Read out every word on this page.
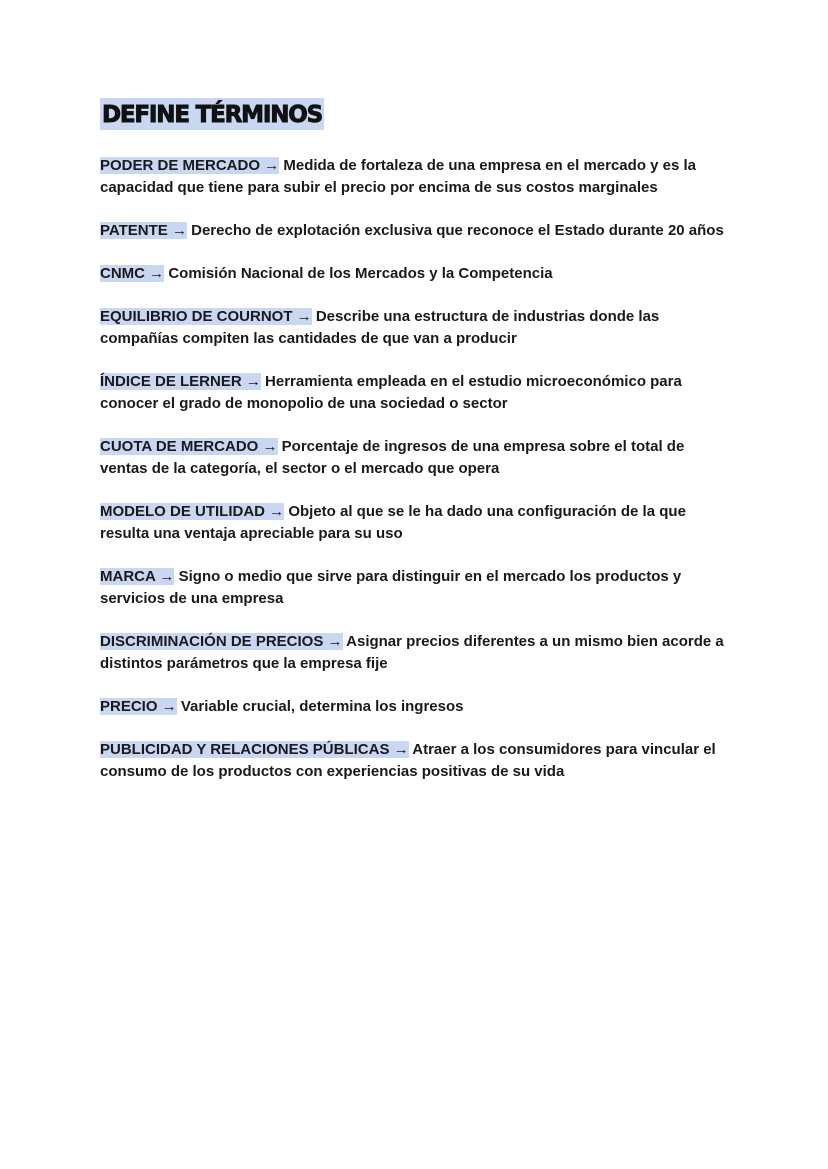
DEFINE TÉRMINOS
PODER DE MERCADO → Medida de fortaleza de una empresa en el mercado y es la capacidad que tiene para subir el precio por encima de sus costos marginales
PATENTE → Derecho de explotación exclusiva que reconoce el Estado durante 20 años
CNMC → Comisión Nacional de los Mercados y la Competencia
EQUILIBRIO DE COURNOT → Describe una estructura de industrias donde las compañías compiten las cantidades de que van a producir
ÍNDICE DE LERNER → Herramienta empleada en el estudio microeconómico para conocer el grado de monopolio de una sociedad o sector
CUOTA DE MERCADO → Porcentaje de ingresos de una empresa sobre el total de ventas de la categoría, el sector o el mercado que opera
MODELO DE UTILIDAD → Objeto al que se le ha dado una configuración de la que resulta una ventaja apreciable para su uso
MARCA → Signo o medio que sirve para distinguir en el mercado los productos y servicios de una empresa
DISCRIMINACIÓN DE PRECIOS → Asignar precios diferentes a un mismo bien acorde a distintos parámetros que la empresa fije
PRECIO → Variable crucial, determina los ingresos
PUBLICIDAD Y RELACIONES PÚBLICAS → Atraer a los consumidores para vincular el consumo de los productos con experiencias positivas de su vida
